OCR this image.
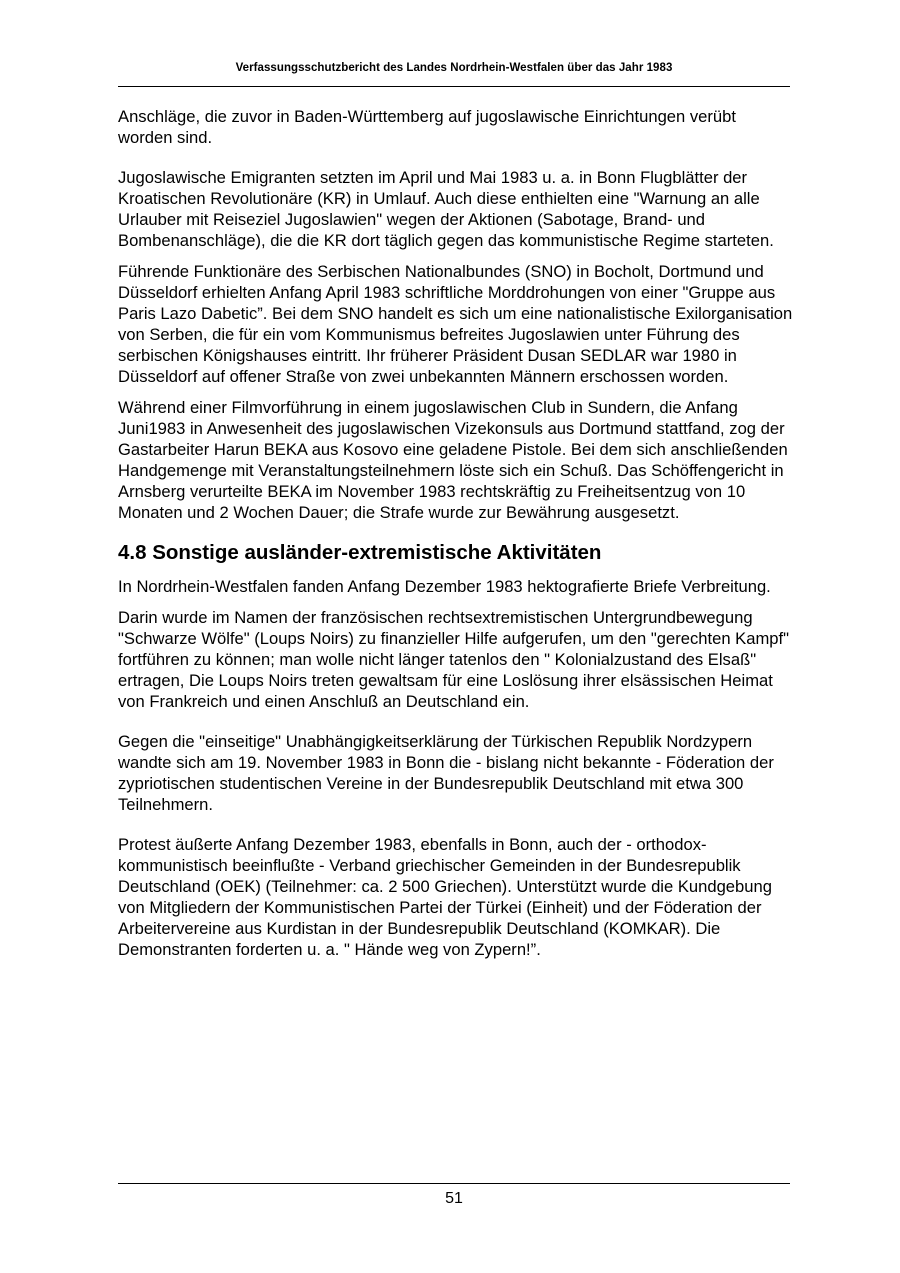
Verfassungsschutzbericht des Landes Nordrhein-Westfalen über das Jahr 1983

Anschläge, die zuvor in Baden-Württemberg auf jugoslawische Einrichtungen verübt worden sind.

Jugoslawische Emigranten setzten im April und Mai 1983 u. a. in Bonn Flugblätter der Kroatischen Revolutionäre (KR) in Umlauf. Auch diese enthielten eine "Warnung an alle Urlauber mit Reiseziel Jugoslawien" wegen der Aktionen (Sabotage, Brand- und Bombenanschläge), die die KR dort täglich gegen das kommunistische Regime starteten.

Führende Funktionäre des Serbischen Nationalbundes (SNO) in Bocholt, Dortmund und Düsseldorf erhielten Anfang April 1983 schriftliche Morddrohungen von einer "Gruppe aus Paris Lazo Dabetic”. Bei dem SNO handelt es sich um eine nationalistische Exilorganisation von Serben, die für ein vom Kommunismus befreites Jugoslawien unter Führung des serbischen Königshauses eintritt. Ihr früherer Präsident Dusan SEDLAR war 1980 in Düsseldorf auf offener Straße von zwei unbekannten Männern erschossen worden.

Während einer Filmvorführung in einem jugoslawischen Club in Sundern, die Anfang Juni1983 in Anwesenheit des jugoslawischen Vizekonsuls aus Dortmund stattfand, zog der Gastarbeiter Harun BEKA aus Kosovo eine geladene Pistole. Bei dem sich anschließenden Handgemenge mit Veranstaltungsteilnehmern löste sich ein Schuß. Das Schöffengericht in Arnsberg verurteilte BEKA im November 1983 rechtskräftig zu Freiheitsentzug von 10 Monaten und 2 Wochen Dauer; die Strafe wurde zur Bewährung ausgesetzt.

4.8 Sonstige ausländer-extremistische Aktivitäten

In Nordrhein-Westfalen fanden Anfang Dezember 1983 hektografierte Briefe Verbreitung.

Darin wurde im Namen der französischen rechtsextremistischen Untergrundbewegung "Schwarze Wölfe" (Loups Noirs) zu finanzieller Hilfe aufgerufen, um den "gerechten Kampf" fortführen zu können; man wolle nicht länger tatenlos den " Kolonialzustand des Elsaß" ertragen, Die Loups Noirs treten gewaltsam für eine Loslösung ihrer elsässischen Heimat von Frankreich und einen Anschluß an Deutschland ein.

Gegen die "einseitige" Unabhängigkeitserklärung der Türkischen Republik Nordzypern wandte sich am 19. November 1983 in Bonn die - bislang nicht bekannte - Föderation der zypriotischen studentischen Vereine in der Bundesrepublik Deutschland mit etwa 300 Teilnehmern.

Protest äußerte Anfang Dezember 1983, ebenfalls in Bonn, auch der - orthodox-kommunistisch beeinflußte - Verband griechischer Gemeinden in der Bundesrepublik Deutschland (OEK) (Teilnehmer: ca. 2 500 Griechen). Unterstützt wurde die Kundgebung von Mitgliedern der Kommunistischen Partei der Türkei (Einheit) und der Föderation der Arbeitervereine aus Kurdistan in der Bundesrepublik Deutschland (KOMKAR). Die Demonstranten forderten u. a. " Hände weg von Zypern!”.

51
